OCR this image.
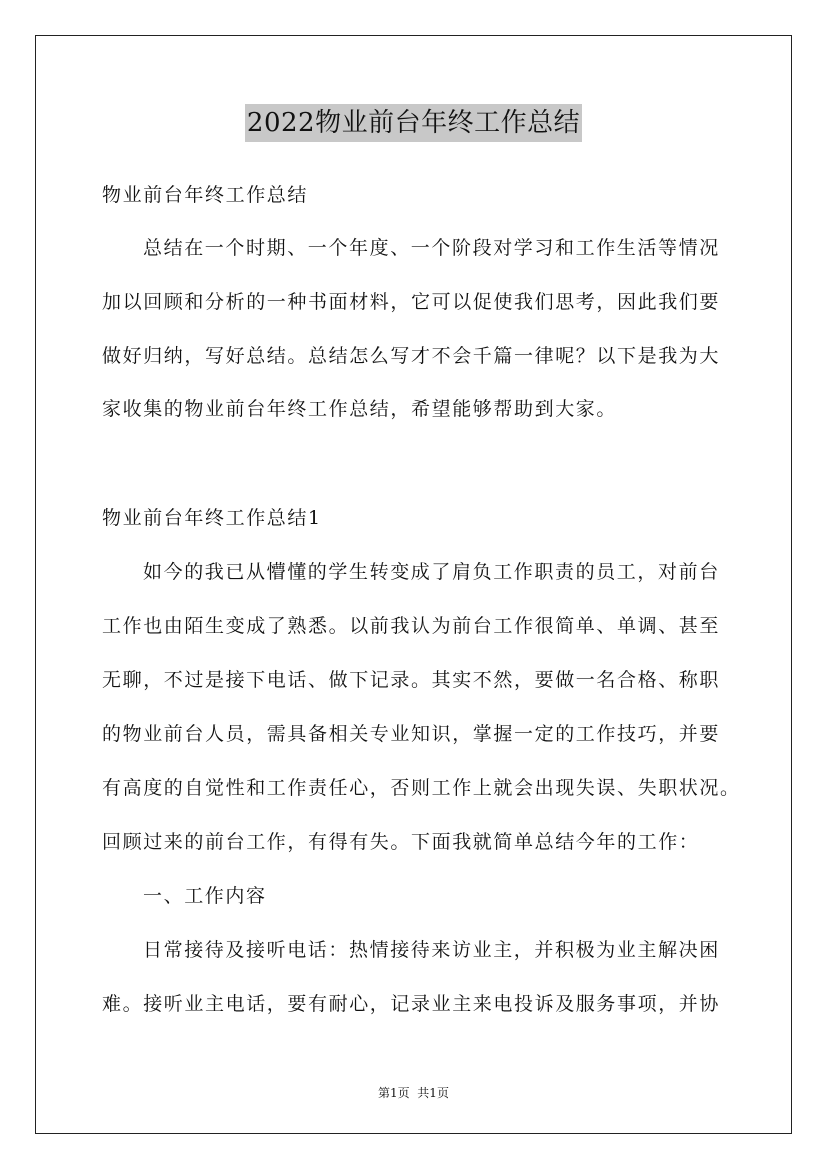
2022物业前台年终工作总结
物业前台年终工作总结
总结在一个时期、一个年度、一个阶段对学习和工作生活等情况
加以回顾和分析的一种书面材料，它可以促使我们思考，因此我们要
做好归纳，写好总结。总结怎么写才不会千篇一律呢？以下是我为大
家收集的物业前台年终工作总结，希望能够帮助到大家。
物业前台年终工作总结1
如今的我已从懵懂的学生转变成了肩负工作职责的员工，对前台
工作也由陌生变成了熟悉。以前我认为前台工作很简单、单调、甚至
无聊，不过是接下电话、做下记录。其实不然，要做一名合格、称职
的物业前台人员，需具备相关专业知识，掌握一定的工作技巧，并要
有高度的自觉性和工作责任心，否则工作上就会出现失误、失职状况。
回顾过来的前台工作，有得有失。下面我就简单总结今年的工作：
一、工作内容
日常接待及接听电话：热情接待来访业主，并积极为业主解决困
难。接听业主电话，要有耐心，记录业主来电投诉及服务事项，并协
第1页  共1页
